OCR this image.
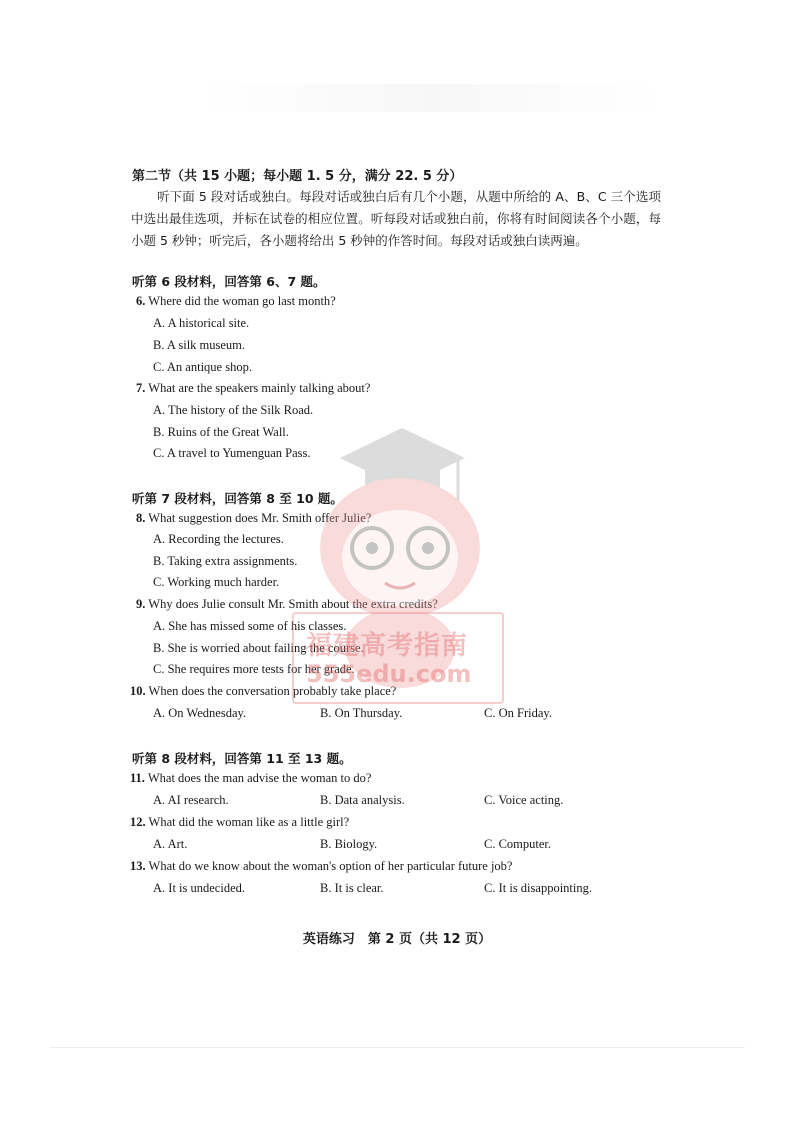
第二节（共 15 小题；每小题 1. 5 分，满分 22. 5 分）
听下面 5 段对话或独白。每段对话或独白后有几个小题，从题中所给的 A、B、C 三个选项中选出最佳选项，并标在试卷的相应位置。听每段对话或独白前，你将有时间阅读各个小题，每小题 5 秒钟；听完后，各小题将给出 5 秒钟的作答时间。每段对话或独白读两遍。
听第 6 段材料，回答第 6、7 题。
6. Where did the woman go last month?
A. A historical site.
B. A silk museum.
C. An antique shop.
7. What are the speakers mainly talking about?
A. The history of the Silk Road.
B. Ruins of the Great Wall.
C. A travel to Yumenguan Pass.
听第 7 段材料，回答第 8 至 10 题。
8. What suggestion does Mr. Smith offer Julie?
A. Recording the lectures.
B. Taking extra assignments.
C. Working much harder.
9. Why does Julie consult Mr. Smith about the extra credits?
A. She has missed some of his classes.
B. She is worried about failing the course.
C. She requires more tests for her grade.
10. When does the conversation probably take place?
A. On Wednesday.	B. On Thursday.	C. On Friday.
听第 8 段材料，回答第 11 至 13 题。
11. What does the man advise the woman to do?
A. AI research.	B. Data analysis.	C. Voice acting.
12. What did the woman like as a little girl?
A. Art.	B. Biology.	C. Computer.
13. What do we know about the woman's option of her particular future job?
A. It is undecided.	B. It is clear.	C. It is disappointing.
福建高考指南
555edu.com
英语练习　第 2 页（共 12 页）
